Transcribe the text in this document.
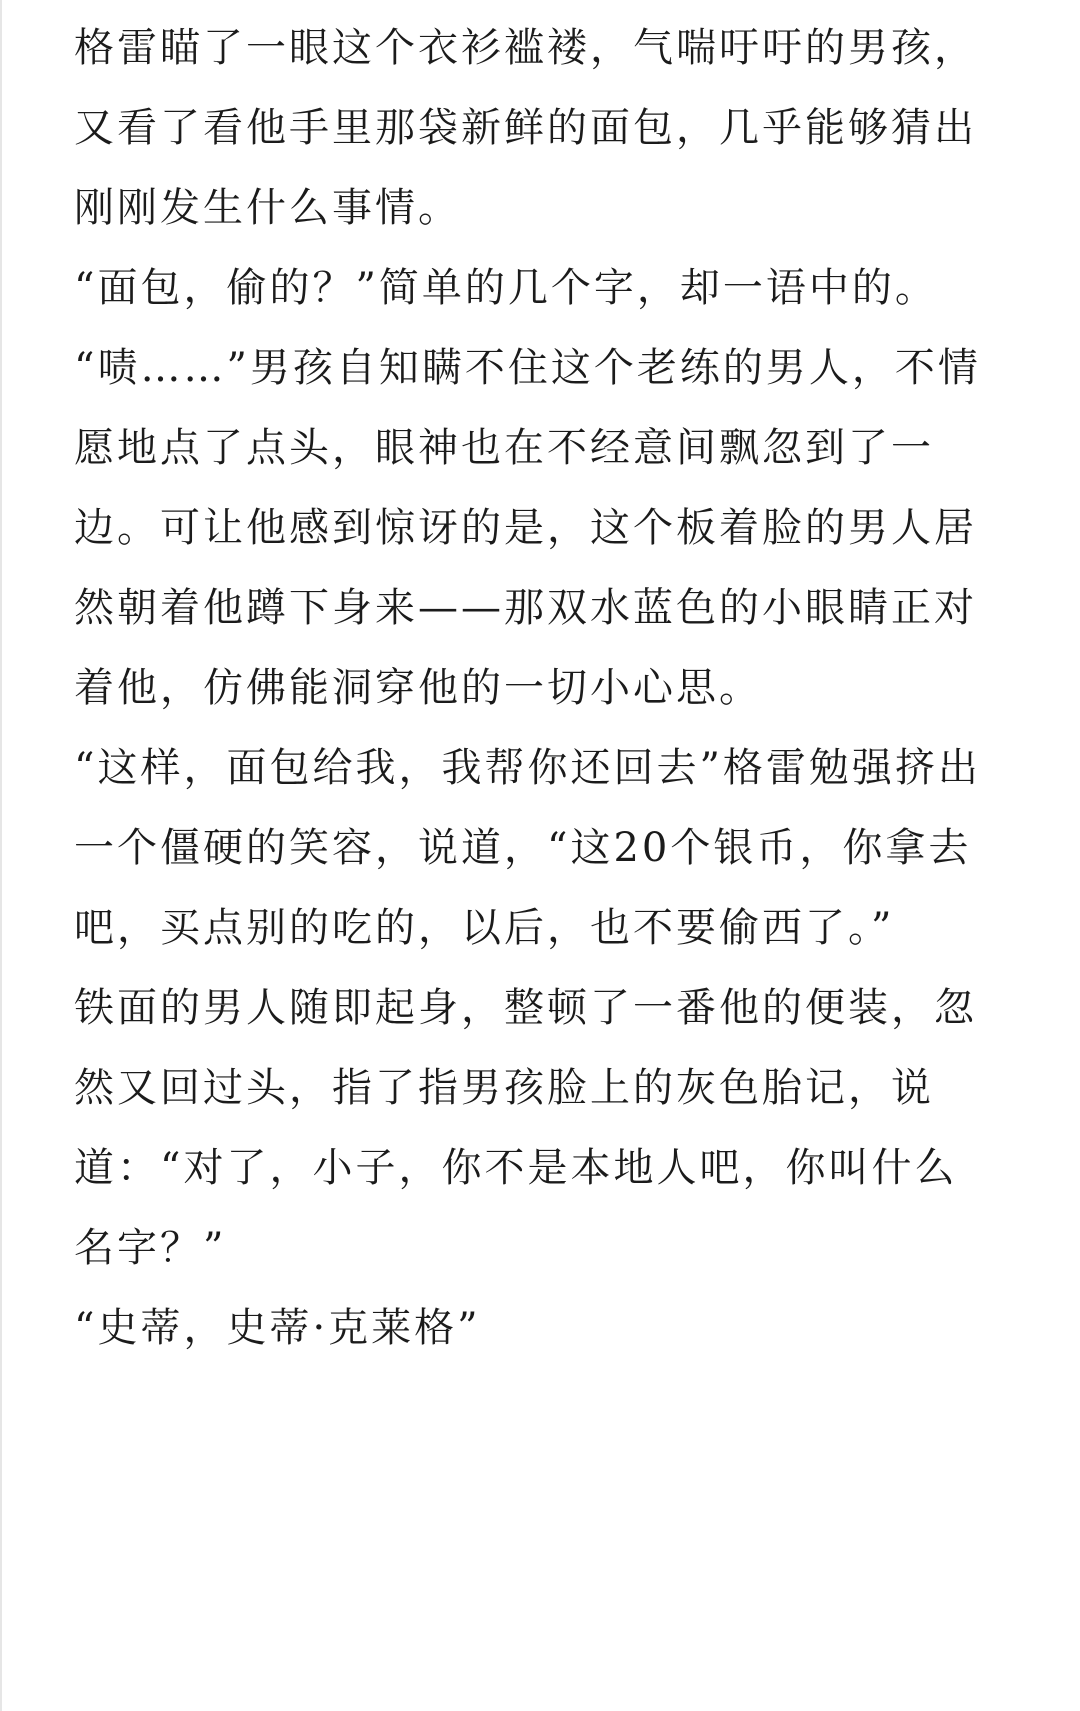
格雷瞄了一眼这个衣衫褴褛，气喘吁吁的男孩，又看了看他手里那袋新鲜的面包，几乎能够猜出刚刚发生什么事情。

“面包，偷的？”简单的几个字，却一语中的。

“啧……”男孩自知瞒不住这个老练的男人，不情愿地点了点头，眼神也在不经意间飘忽到了一边。可让他感到惊讶的是，这个板着脸的男人居然朝着他蹲下身来——那双水蓝色的小眼睛正对着他，仿佛能洞穿他的一切小心思。

“这样，面包给我，我帮你还回去”格雷勉强挤出一个僵硬的笑容，说道，“这20个银币，你拿去吧，买点别的吃的，以后，也不要偷西了。”

铁面的男人随即起身，整顿了一番他的便装，忽然又回过头，指了指男孩脸上的灰色胎记，说道：“对了，小子，你不是本地人吧，你叫什么名字？”

“史蒂，史蒂·克莱格”
